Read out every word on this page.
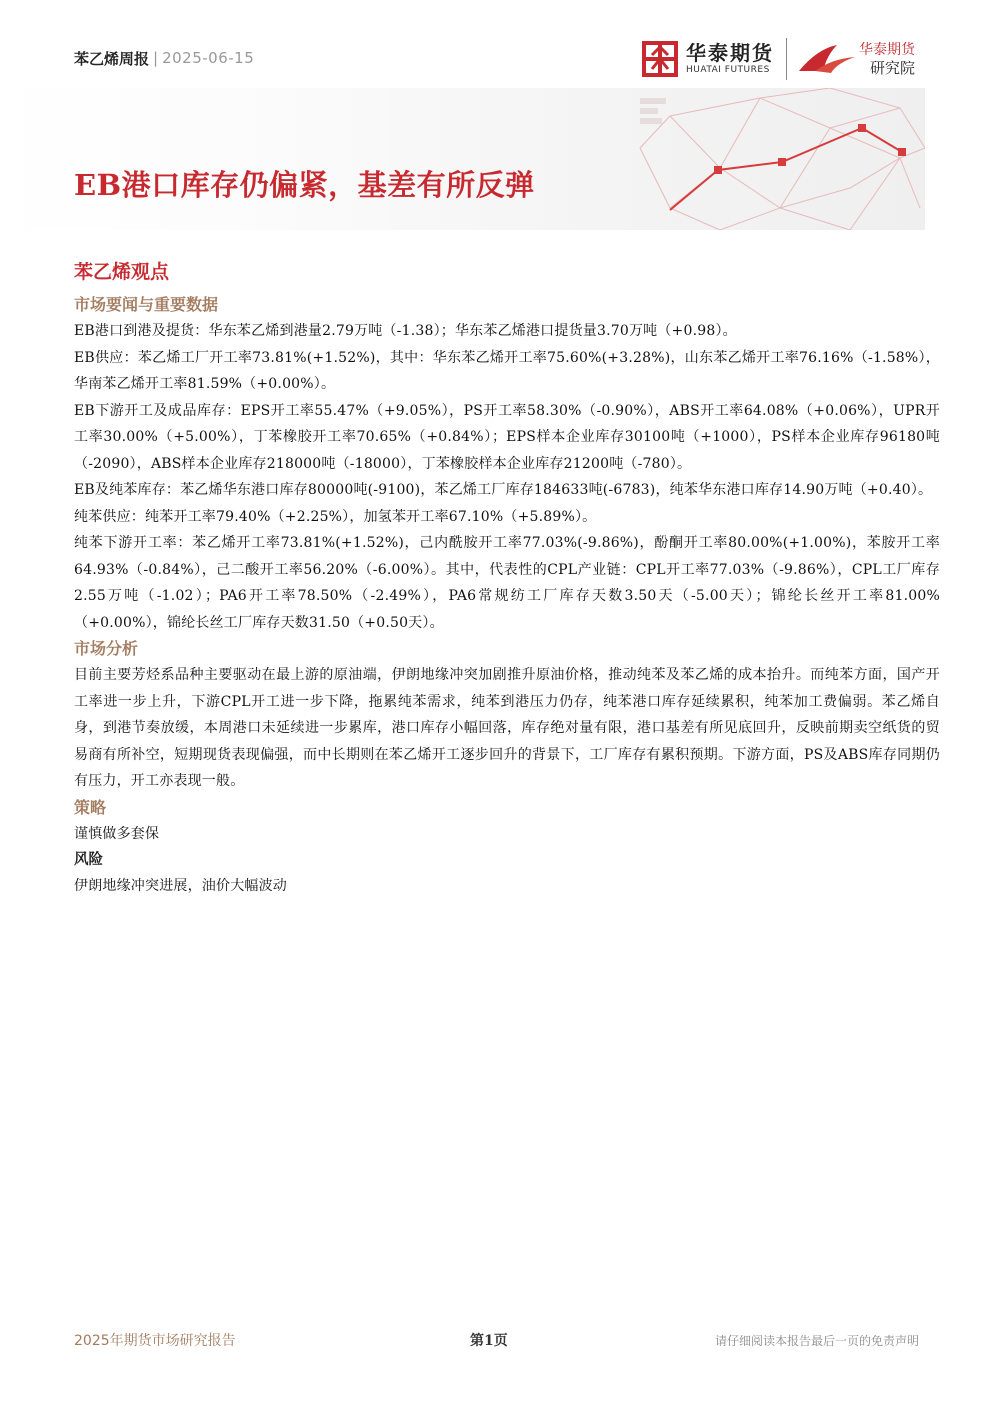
苯乙烯周报 | 2025-06-15	华泰期货
HUATAI FUTURES
华泰期货
研究院
EB港口库存仍偏紧，基差有所反弹
苯乙烯观点
市场要闻与重要数据

EB港口到港及提货：华东苯乙烯到港量2.79万吨（-1.38）；华东苯乙烯港口提货量3.70万吨（+0.98）。

EB供应：苯乙烯工厂开工率73.81%(+1.52%)，其中：华东苯乙烯开工率75.60%(+3.28%)，山东苯乙烯开工率76.16%（-1.58%），华南苯乙烯开工率81.59%（+0.00%）。

EB下游开工及成品库存：EPS开工率55.47%（+9.05%），PS开工率58.30%（-0.90%），ABS开工率64.08%（+0.06%），UPR开工率30.00%（+5.00%），丁苯橡胶开工率70.65%（+0.84%）；EPS样本企业库存30100吨（+1000），PS样本企业库存96180吨（-2090），ABS样本企业库存218000吨（-18000），丁苯橡胶样本企业库存21200吨（-780）。

EB及纯苯库存：苯乙烯华东港口库存80000吨(-9100)，苯乙烯工厂库存184633吨(-6783)，纯苯华东港口库存14.90万吨（+0.40）。

纯苯供应：纯苯开工率79.40%（+2.25%），加氢苯开工率67.10%（+5.89%）。

纯苯下游开工率：苯乙烯开工率73.81%(+1.52%)，己内酰胺开工率77.03%(-9.86%)，酚酮开工率80.00%(+1.00%)，苯胺开工率64.93%（-0.84%），己二酸开工率56.20%（-6.00%）。其中，代表性的CPL产业链：CPL开工率77.03%（-9.86%），CPL工厂库存2.55万吨（-1.02）；PA6开工率78.50%（-2.49%），PA6常规纺工厂库存天数3.50天（-5.00天）；锦纶长丝开工率81.00%（+0.00%），锦纶长丝工厂库存天数31.50（+0.50天）。

市场分析

目前主要芳烃系品种主要驱动在最上游的原油端，伊朗地缘冲突加剧推升原油价格，推动纯苯及苯乙烯的成本抬升。而纯苯方面，国产开工率进一步上升，下游CPL开工进一步下降，拖累纯苯需求，纯苯到港压力仍存，纯苯港口库存延续累积，纯苯加工费偏弱。苯乙烯自身，到港节奏放缓，本周港口未延续进一步累库，港口库存小幅回落，库存绝对量有限，港口基差有所见底回升，反映前期卖空纸货的贸易商有所补空，短期现货表现偏强，而中长期则在苯乙烯开工逐步回升的背景下，工厂库存有累积预期。下游方面，PS及ABS库存同期仍有压力，开工亦表现一般。

策略

谨慎做多套保

风险

伊朗地缘冲突进展，油价大幅波动

2025年期货市场研究报告	第1页	请仔细阅读本报告最后一页的免责声明
